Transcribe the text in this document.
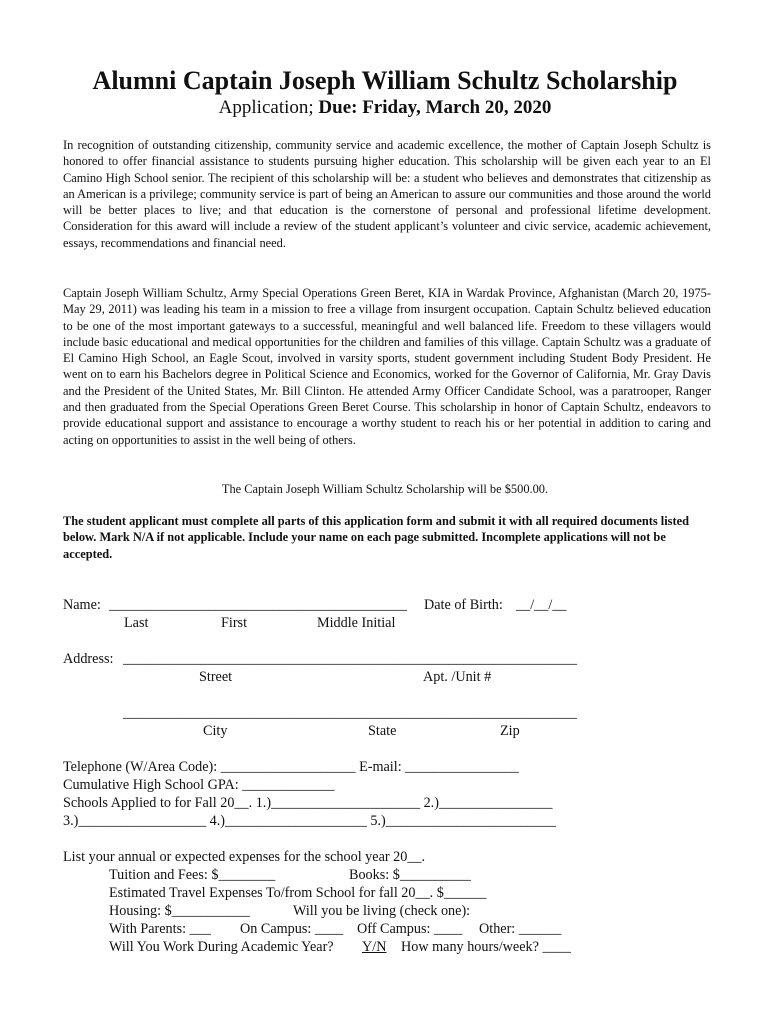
Alumni Captain Joseph William Schultz Scholarship
Application; Due: Friday, March 20, 2020

In recognition of outstanding citizenship, community service and academic excellence, the mother of Captain Joseph Schultz is honored to offer financial assistance to students pursuing higher education. This scholarship will be given each year to an El Camino High School senior. The recipient of this scholarship will be: a student who believes and demonstrates that citizenship as an American is a privilege; community service is part of being an American to assure our communities and those around the world will be better places to live; and that education is the cornerstone of personal and professional lifetime development. Consideration for this award will include a review of the student applicant’s volunteer and civic service, academic achievement, essays, recommendations and financial need.

Captain Joseph William Schultz, Army Special Operations Green Beret, KIA in Wardak Province, Afghanistan (March 20, 1975-May 29, 2011) was leading his team in a mission to free a village from insurgent occupation. Captain Schultz believed education to be one of the most important gateways to a successful, meaningful and well balanced life. Freedom to these villagers would include basic educational and medical opportunities for the children and families of this village. Captain Schultz was a graduate of El Camino High School, an Eagle Scout, involved in varsity sports, student government including Student Body President. He went on to earn his Bachelors degree in Political Science and Economics, worked for the Governor of California, Mr. Gray Davis and the President of the United States, Mr. Bill Clinton. He attended Army Officer Candidate School, was a paratrooper, Ranger and then graduated from the Special Operations Green Beret Course. This scholarship in honor of Captain Schultz, endeavors to provide educational support and assistance to encourage a worthy student to reach his or her potential in addition to caring and acting on opportunities to assist in the well being of others.

The Captain Joseph William Schultz Scholarship will be $500.00.

The student applicant must complete all parts of this application form and submit it with all required documents listed below. Mark N/A if not applicable. Include your name on each page submitted. Incomplete applications will not be accepted.

Name: __________________________________________ Date of Birth: __/__/__
Last	First	Middle Initial
Address: ________________________________________________________________
Street	Apt. /Unit #
________________________________________________________________
City	State	Zip
Telephone (W/Area Code): ___________________ E-mail: ________________
Cumulative High School GPA: _____________
Schools Applied to for Fall 20__. 1.)_____________________ 2.)________________
3.)__________________ 4.)____________________ 5.)________________________
List your annual or expected expenses for the school year 20__.
Tuition and Fees: $________	Books: $__________
Estimated Travel Expenses To/from School for fall 20__. $______
Housing: $___________	Will you be living (check one):
With Parents: ___ On Campus: ____ Off Campus: ____ Other: ______
Will You Work During Academic Year? Y/N How many hours/week? ____
